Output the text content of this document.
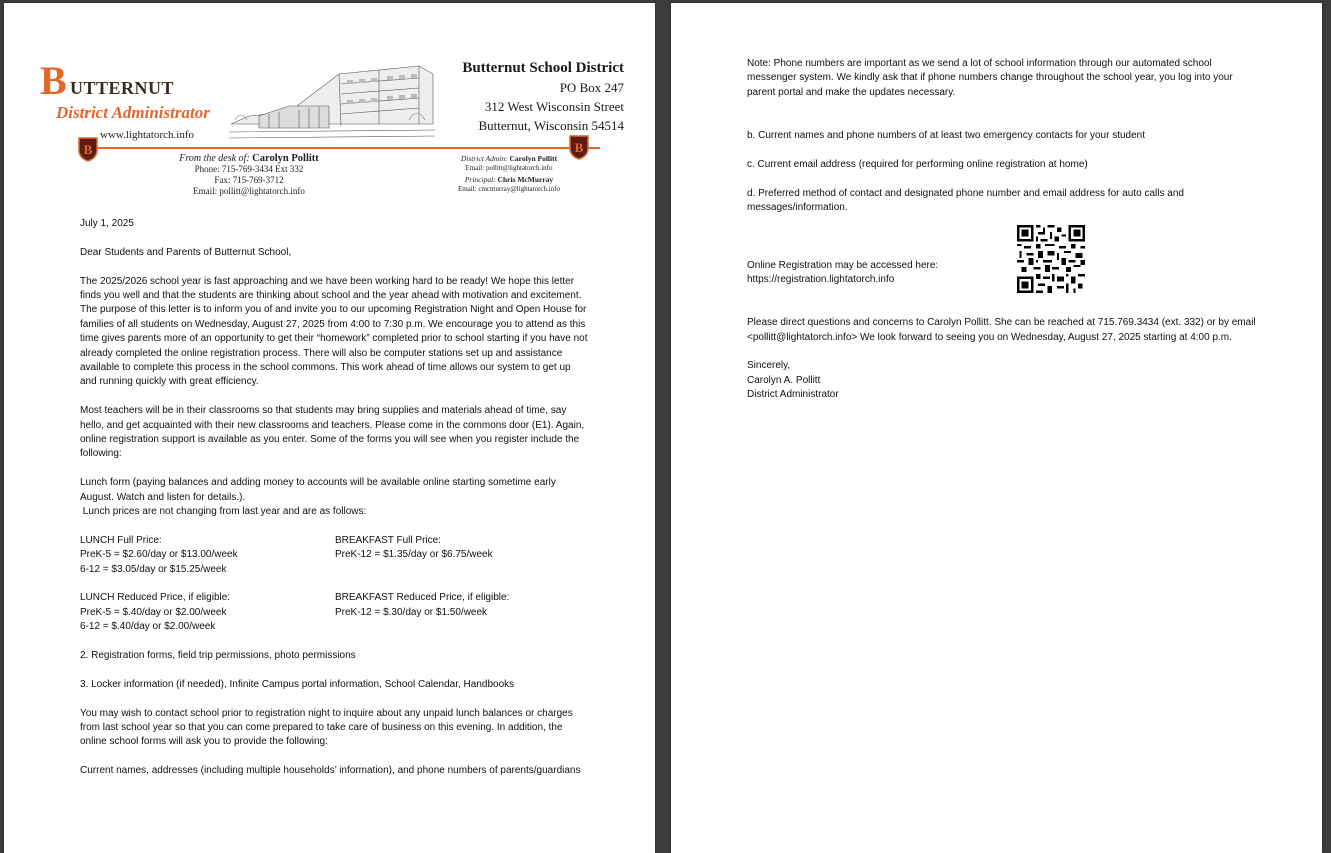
B UTTERNUT
District Administrator
www.lightatorch.info
Butternut School District
PO Box 247
312 West Wisconsin Street
Butternut, Wisconsin 54514
B	B
From the desk of: Carolyn Pollitt
Phone: 715-769-3434 Ext 332
Fax: 715-769-3712
Email: pollitt@lightatorch.info
District Admin: Carolyn Pollitt
Email: pollitt@lightatorch.info
Principal: Chris McMurray
Email: cmcmurray@lightatorch.info

July 1, 2025

Dear Students and Parents of Butternut School,

The 2025/2026 school year is fast approaching and we have been working hard to be ready! We hope this letter finds you well and that the students are thinking about school and the year ahead with motivation and excitement. The purpose of this letter is to inform you of and invite you to our upcoming Registration Night and Open House for families of all students on Wednesday, August 27, 2025 from 4:00 to 7:30 p.m. We encourage you to attend as this time gives parents more of an opportunity to get their “homework” completed prior to school starting if you have not already completed the online registration process. There will also be computer stations set up and assistance available to complete this process in the school commons. This work ahead of time allows our system to get up and running quickly with great efficiency.

Most teachers will be in their classrooms so that students may bring supplies and materials ahead of time, say hello, and get acquainted with their new classrooms and teachers. Please come in the commons door (E1). Again, online registration support is available as you enter. Some of the forms you will see when you register include the following:

Lunch form (paying balances and adding money to accounts will be available online starting sometime early August. Watch and listen for details.).

Lunch prices are not changing from last year and are as follows:

LUNCH Full Price:

PreK-5 = $2.60/day or $13.00/week

6-12 = $3.05/day or $15.25/week

BREAKFAST Full Price:

PreK-12 = $1.35/day or $6.75/week

LUNCH Reduced Price, if eligible:

PreK-5 = $.40/day or $2.00/week

6-12 = $.40/day or $2.00/week

BREAKFAST Reduced Price, if eligible:

PreK-12 = $.30/day or $1.50/week

2. Registration forms, field trip permissions, photo permissions

3. Locker information (if needed), Infinite Campus portal information, School Calendar, Handbooks

You may wish to contact school prior to registration night to inquire about any unpaid lunch balances or charges from last school year so that you can come prepared to take care of business on this evening. In addition, the online school forms will ask you to provide the following:

Current names, addresses (including multiple households’ information), and phone numbers of parents/guardians

Note: Phone numbers are important as we send a lot of school information through our automated school messenger system. We kindly ask that if phone numbers change throughout the school year, you log into your parent portal and make the updates necessary.

b. Current names and phone numbers of at least two emergency contacts for your student

c. Current email address (required for performing online registration at home)

d. Preferred method of contact and designated phone number and email address for auto calls and messages/information.

Online Registration may be accessed here:

https://registration.lightatorch.info

Please direct questions and concerns to Carolyn Pollitt. She can be reached at 715.769.3434 (ext. 332) or by email <pollitt@lightatorch.info> We look forward to seeing you on Wednesday, August 27, 2025 starting at 4:00 p.m.

Sincerely,

Carolyn A. Pollitt

District Administrator
